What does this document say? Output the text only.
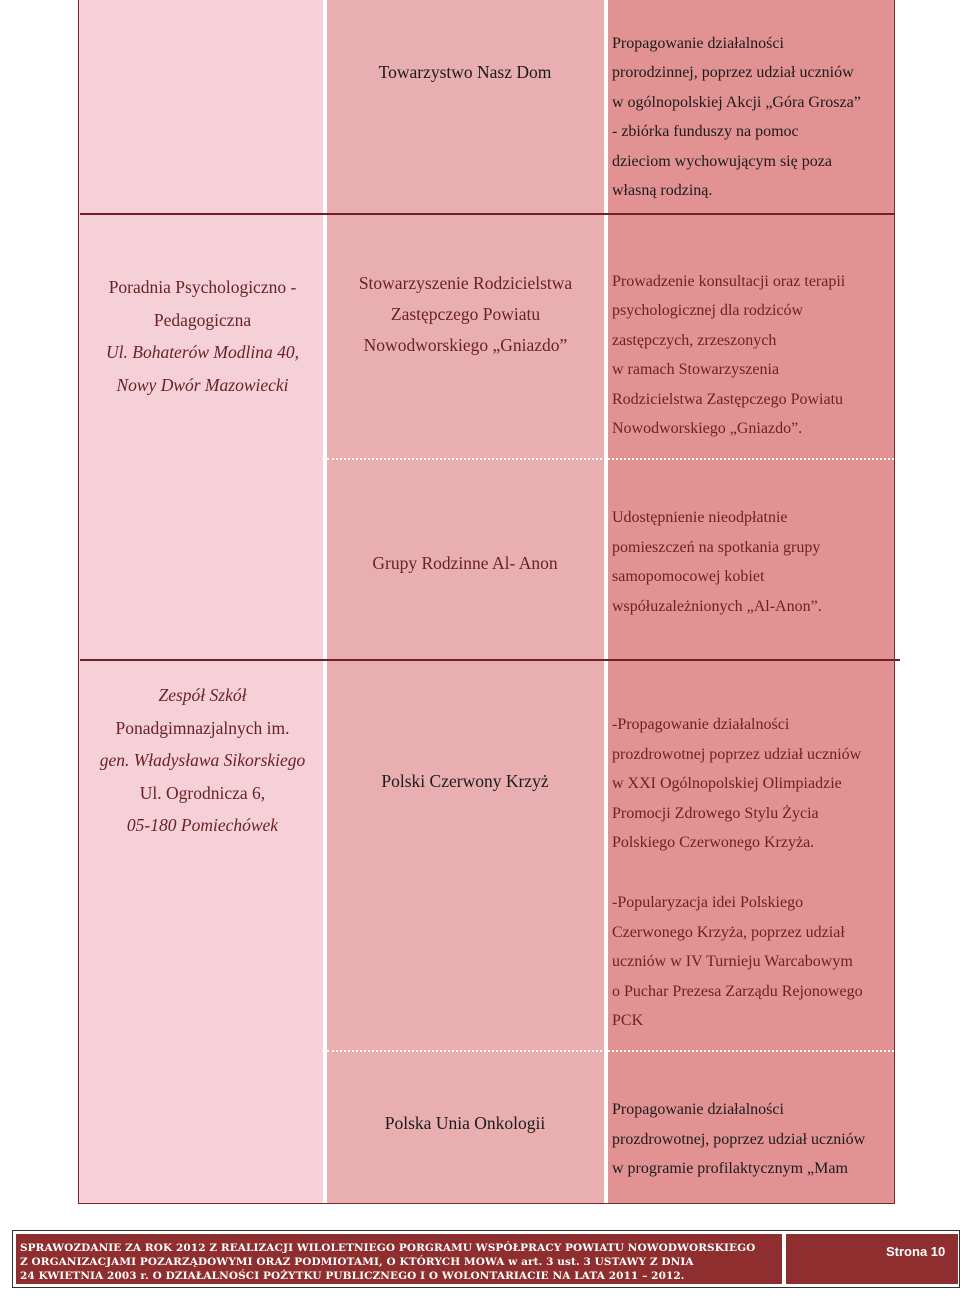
Towarzystwo Nasz Dom
Propagowanie działalności
prorodzinnej, poprzez udział uczniów
w ogólnopolskiej Akcji „Góra Grosza”
- zbiórka funduszy na pomoc
dzieciom wychowującym się poza
własną rodziną.
Poradnia Psychologiczno -
Pedagogiczna
Ul. Bohaterów Modlina 40,
Nowy Dwór Mazowiecki
Stowarzyszenie Rodzicielstwa
Zastępczego Powiatu
Nowodworskiego „Gniazdo”
Prowadzenie konsultacji oraz terapii
psychologicznej dla rodziców
zastępczych, zrzeszonych
w ramach Stowarzyszenia
Rodzicielstwa Zastępczego Powiatu
Nowodworskiego „Gniazdo”.
Grupy Rodzinne Al- Anon
Udostępnienie nieodpłatnie
pomieszczeń na spotkania grupy
samopomocowej kobiet
współuzależnionych „Al-Anon”.
Zespół Szkół
Ponadgimnazjalnych im.
gen. Władysława Sikorskiego
Ul. Ogrodnicza 6,
05-180 Pomiechówek
Polski Czerwony Krzyż
-Propagowanie działalności
prozdrowotnej poprzez udział uczniów
w XXI Ogólnopolskiej Olimpiadzie
Promocji Zdrowego Stylu Życia
Polskiego Czerwonego Krzyża.
-Popularyzacja idei Polskiego
Czerwonego Krzyża, poprzez udział
uczniów w IV Turnieju Warcabowym
o Puchar Prezesa Zarządu Rejonowego
PCK
Polska Unia Onkologii
Propagowanie działalności
prozdrowotnej, poprzez udział uczniów
w programie profilaktycznym „Mam
SPRAWOZDANIE ZA ROK 2012 Z REALIZACJI WILOLETNIEGO PORGRAMU WSPÓŁPRACY POWIATU NOWODWORSKIEGO
Z ORGANIZACJAMI POZARZĄDOWYMI ORAZ PODMIOTAMI, O KTÓRYCH MOWA w art. 3 ust. 3 USTAWY Z DNIA
24 KWIETNIA 2003 r. O DZIAŁALNOŚCI POŻYTKU PUBLICZNEGO I O WOLONTARIACIE NA LATA 2011 – 2012.
Strona 10
